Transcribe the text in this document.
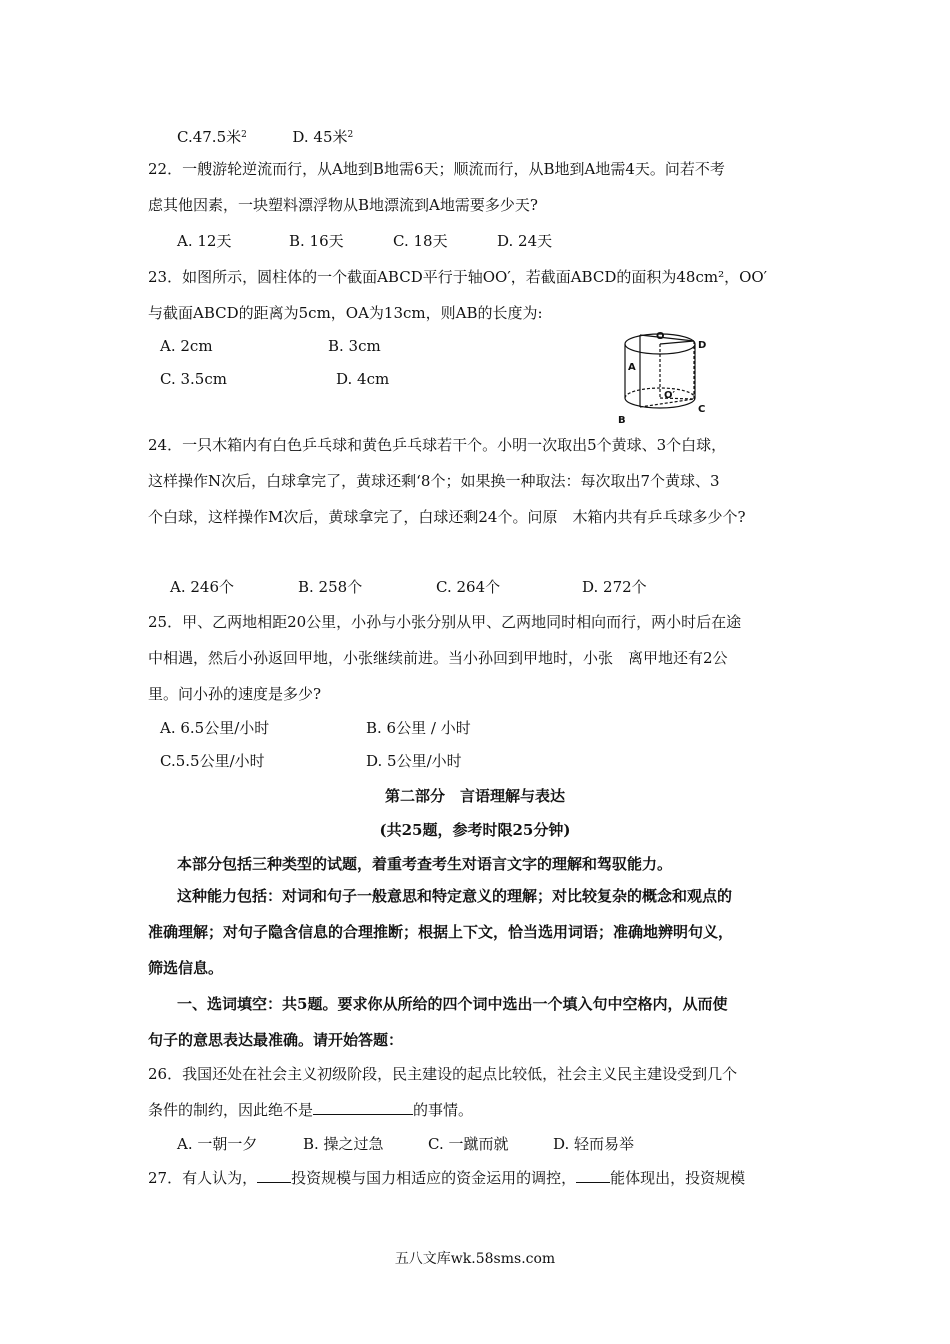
C.47.5米$^2$	D. 45米$^2$
22．一艘游轮逆流而行，从A地到B地需6天；顺流而行，从B地到A地需4天。问若不考
虑其他因素，一块塑料漂浮物从B地漂流到A地需要多少天?
A. 12天	B. 16天	C. 18天	D. 24天
23．如图所示，圆柱体的一个截面ABCD平行于轴OO′，若截面ABCD的面积为48cm²，OO′
与截面ABCD的距离为5cm，OA为13cm，则AB的长度为:
A. 2cm	B. 3cm
C. 3.5cm	D. 4cm
O
D
A
O′
B
C
24．一只木箱内有白色乒乓球和黄色乒乓球若干个。小明一次取出5个黄球、3个白球，
这样操作N次后，白球拿完了，黄球还剩‘8个；如果换一种取法：每次取出7个黄球、3
个白球，这样操作M次后，黄球拿完了，白球还剩24个。问原　木箱内共有乒乓球多少个?
A. 246个	B. 258个	C. 264个	D. 272个
25．甲、乙两地相距20公里，小孙与小张分别从甲、乙两地同时相向而行，两小时后在途
中相遇，然后小孙返回甲地，小张继续前进。当小孙回到甲地时，小张　离甲地还有2公
里。问小孙的速度是多少?
A. 6.5公里/小时	B. 6公里 / 小时
C.5.5公里/小时	D. 5公里/小时
第二部分　言语理解与表达
(共25题，参考时限25分钟)
本部分包括三种类型的试题，着重考查考生对语言文字的理解和驾驭能力。
这种能力包括：对词和句子一般意思和特定意义的理解；对比较复杂的概念和观点的
准确理解；对句子隐含信息的合理推断；根据上下文，恰当选用词语；准确地辨明句义，
筛选信息。
一、选词填空：共5题。要求你从所给的四个词中选出一个填入句中空格内，从而使
句子的意思表达最准确。请开始答题：
26．我国还处在社会主义初级阶段，民主建设的起点比较低，社会主义民主建设受到几个
条件的制约，因此绝不是	的事情。
A. 一朝一夕	B. 操之过急	C. 一蹴而就	D. 轻而易举
27．有人认为， 投资规模与国力相适应的资金运用的调控， 能体现出，投资规模
五八文库wk.58sms.com
